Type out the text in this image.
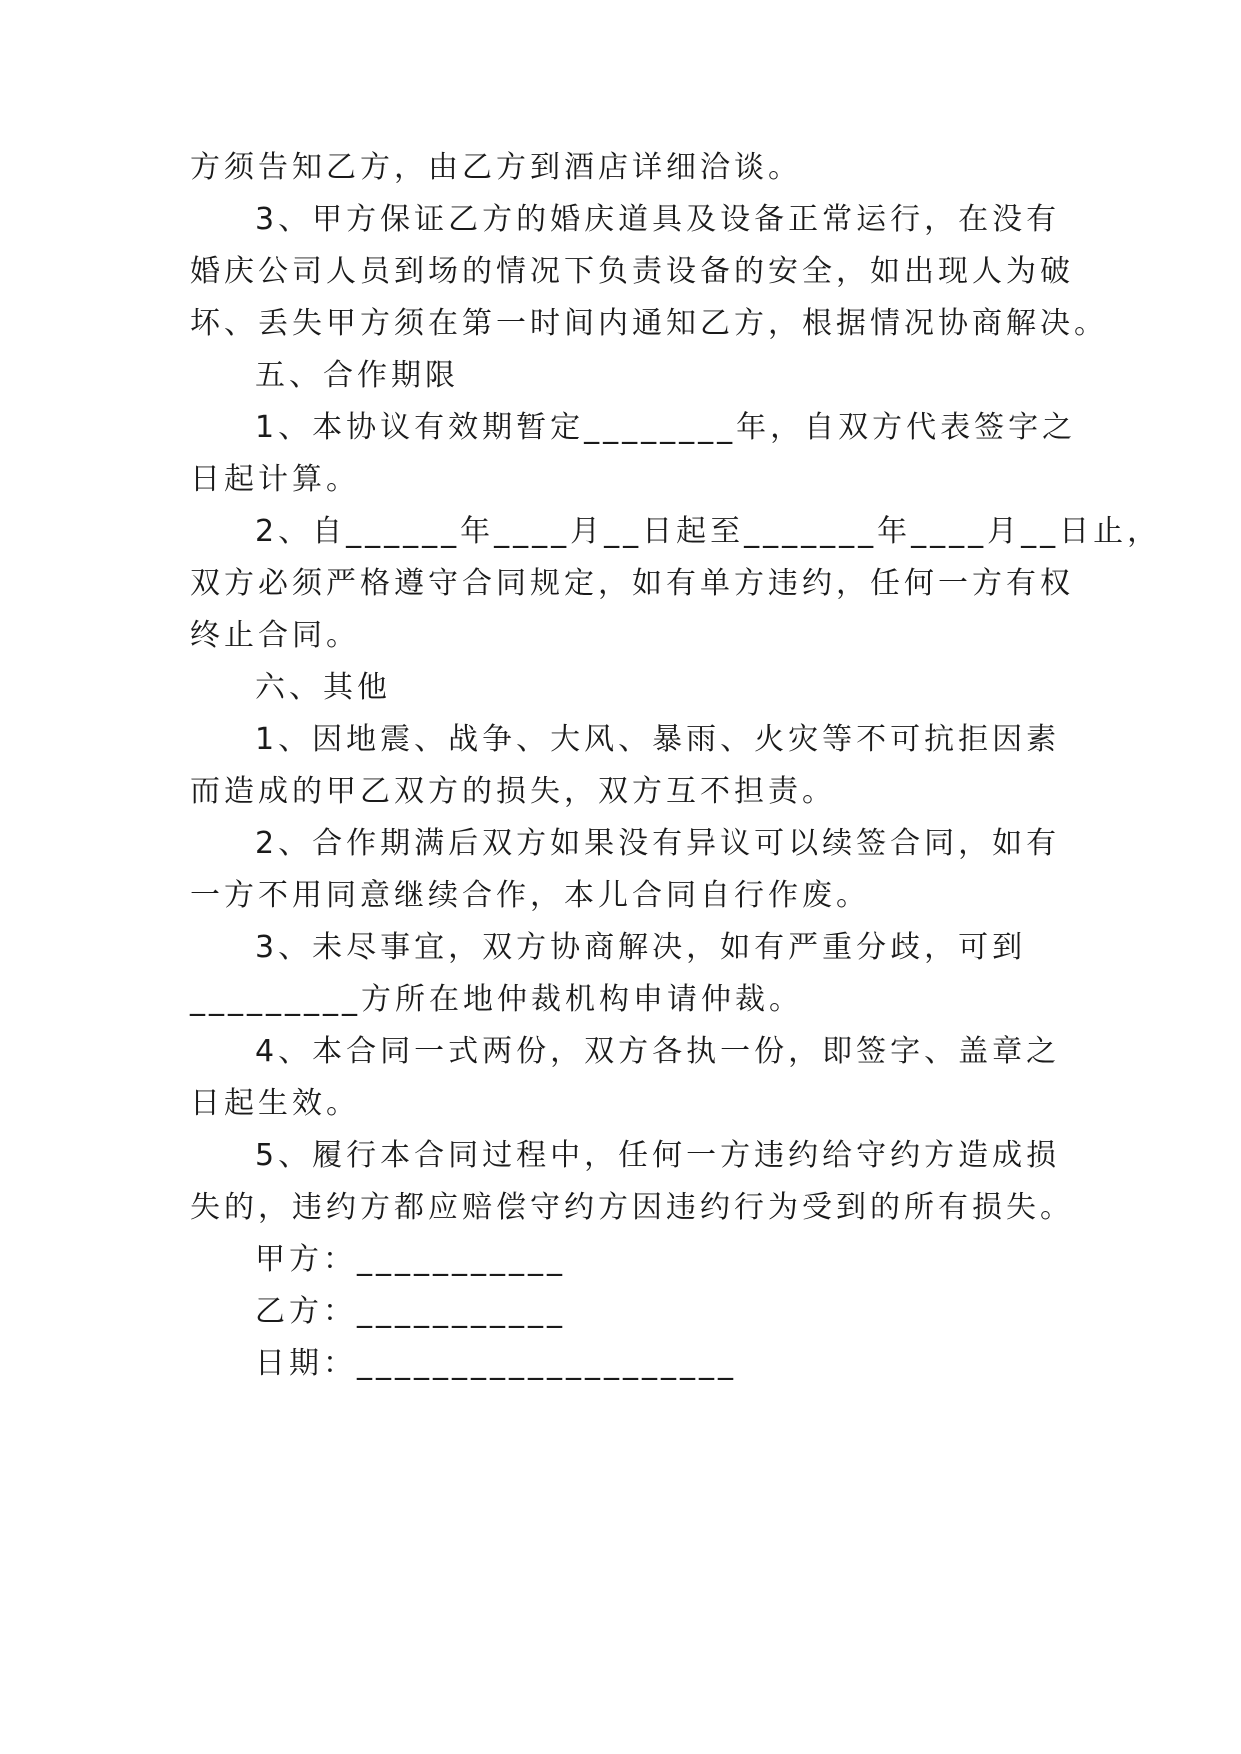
方须告知乙方，由乙方到酒店详细洽谈。
3、甲方保证乙方的婚庆道具及设备正常运行，在没有
婚庆公司人员到场的情况下负责设备的安全，如出现人为破
坏、丢失甲方须在第一时间内通知乙方，根据情况协商解决。
五、合作期限
1、本协议有效期暂定________年，自双方代表签字之
日起计算。
2、自______年____月__日起至_______年____月__日止，
双方必须严格遵守合同规定，如有单方违约，任何一方有权
终止合同。
六、其他
1、因地震、战争、大风、暴雨、火灾等不可抗拒因素
而造成的甲乙双方的损失，双方互不担责。
2、合作期满后双方如果没有异议可以续签合同，如有
一方不用同意继续合作，本儿合同自行作废。
3、未尽事宜，双方协商解决，如有严重分歧，可到
_________方所在地仲裁机构申请仲裁。
4、本合同一式两份，双方各执一份，即签字、盖章之
日起生效。
5、履行本合同过程中，任何一方违约给守约方造成损
失的，违约方都应赔偿守约方因违约行为受到的所有损失。
甲方：___________
乙方：___________
日期：____________________
